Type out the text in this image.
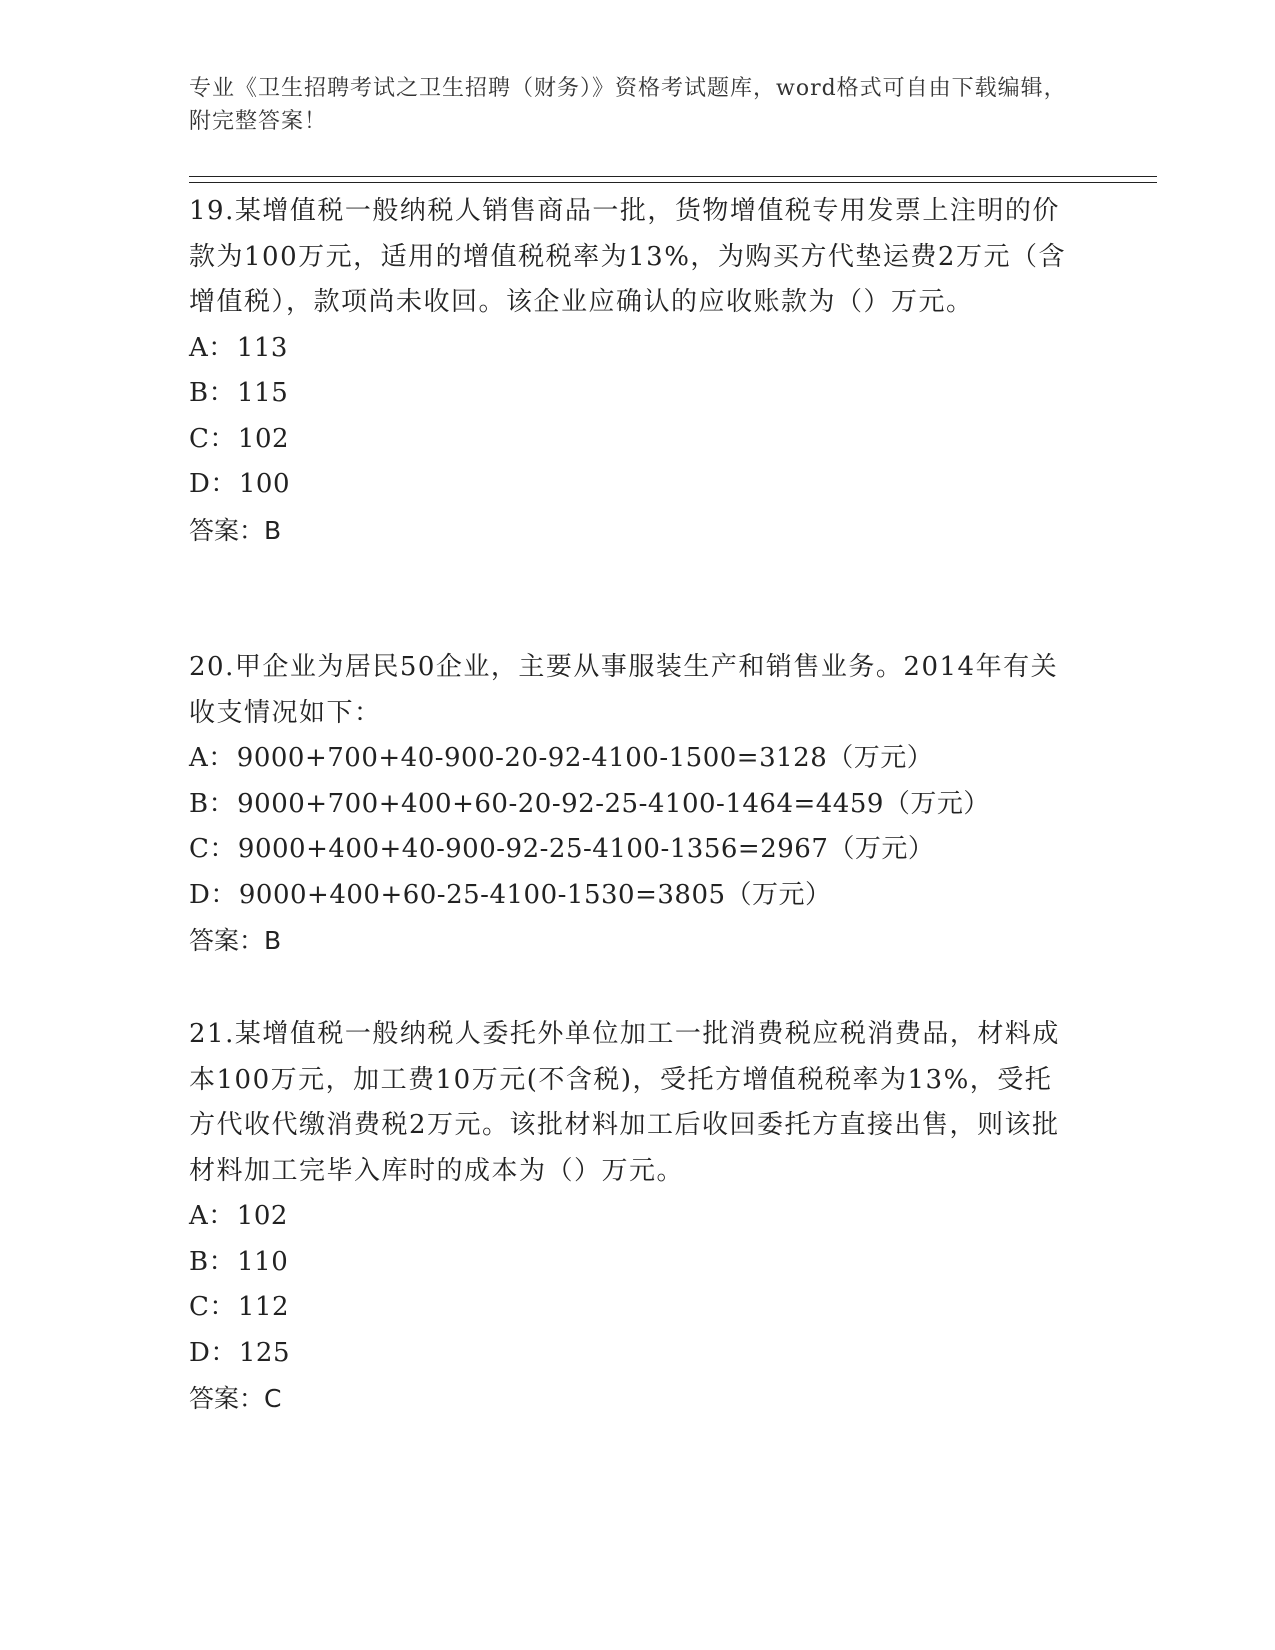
专业《卫生招聘考试之卫生招聘（财务）》资格考试题库，word格式可自由下载编辑，附完整答案！

19.某增值税一般纳税人销售商品一批，货物增值税专用发票上注明的价款为100万元，适用的增值税税率为13%，为购买方代垫运费2万元（含增值税），款项尚未收回。该企业应确认的应收账款为（）万元。

A：113

B：115

C：102

D：100

答案：B

20.甲企业为居民50企业，主要从事服装生产和销售业务。2014年有关收支情况如下：

A：9000+700+40-900-20-92-4100-1500=3128（万元）

B：9000+700+400+60-20-92-25-4100-1464=4459（万元）

C：9000+400+40-900-92-25-4100-1356=2967（万元）

D：9000+400+60-25-4100-1530=3805（万元）

答案：B

21.某增值税一般纳税人委托外单位加工一批消费税应税消费品，材料成本100万元，加工费10万元(不含税)，受托方增值税税率为13%，受托方代收代缴消费税2万元。该批材料加工后收回委托方直接出售，则该批材料加工完毕入库时的成本为（）万元。

A：102

B：110

C：112

D：125

答案：C
